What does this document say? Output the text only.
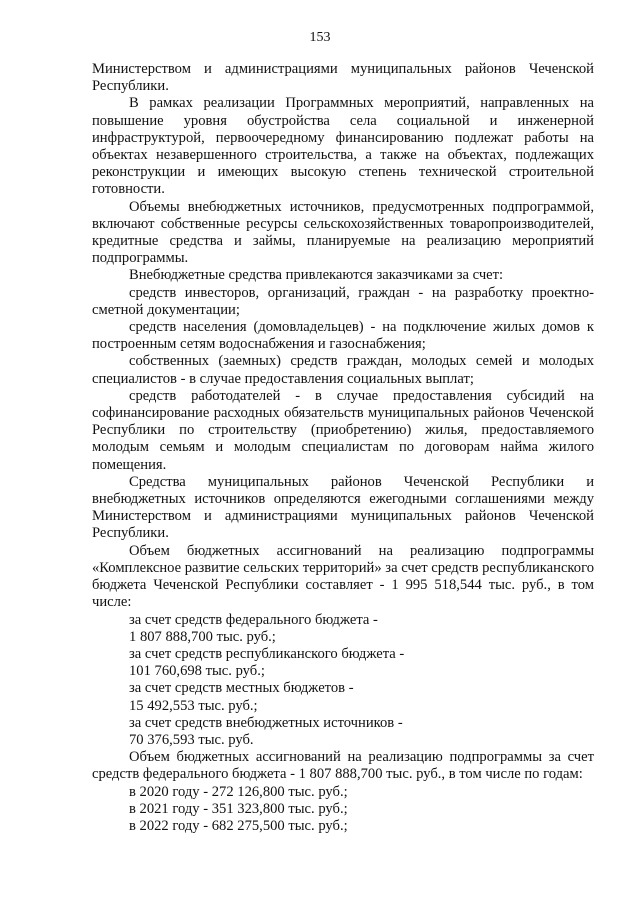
153

Министерством и администрациями муниципальных районов Чеченской Республики.

В рамках реализации Программных мероприятий, направленных на повышение уровня обустройства села социальной и инженерной инфраструктурой, первоочередному финансированию подлежат работы на объектах незавершенного строительства, а также на объектах, подлежащих реконструкции и имеющих высокую степень технической строительной готовности.

Объемы внебюджетных источников, предусмотренных подпрограммой, включают собственные ресурсы сельскохозяйственных товаропроизводителей, кредитные средства и займы, планируемые на реализацию мероприятий подпрограммы.

Внебюджетные средства привлекаются заказчиками за счет:

средств инвесторов, организаций, граждан - на разработку проектно-сметной документации;

средств населения (домовладельцев) - на подключение жилых домов к построенным сетям водоснабжения и газоснабжения;

собственных (заемных) средств граждан, молодых семей и молодых специалистов - в случае предоставления социальных выплат;

средств работодателей - в случае предоставления субсидий на софинансирование расходных обязательств муниципальных районов Чеченской Республики по строительству (приобретению) жилья, предоставляемого молодым семьям и молодым специалистам по договорам найма жилого помещения.

Средства муниципальных районов Чеченской Республики и внебюджетных источников определяются ежегодными соглашениями между Министерством и администрациями муниципальных районов Чеченской Республики.

Объем бюджетных ассигнований на реализацию подпрограммы «Комплексное развитие сельских территорий» за счет средств республиканского бюджета Чеченской Республики составляет - 1 995 518,544 тыс. руб., в том числе:

за счет средств федерального бюджета -

1 807 888,700 тыс. руб.;

за счет средств республиканского бюджета -

101 760,698 тыс. руб.;

за счет средств местных бюджетов -

15 492,553 тыс. руб.;

за счет средств внебюджетных источников -

70 376,593 тыс. руб.

Объем бюджетных ассигнований на реализацию подпрограммы за счет средств федерального бюджета - 1 807 888,700 тыс. руб., в том числе по годам:

в 2020 году - 272 126,800 тыс. руб.;

в 2021 году - 351 323,800 тыс. руб.;

в 2022 году - 682 275,500 тыс. руб.;
